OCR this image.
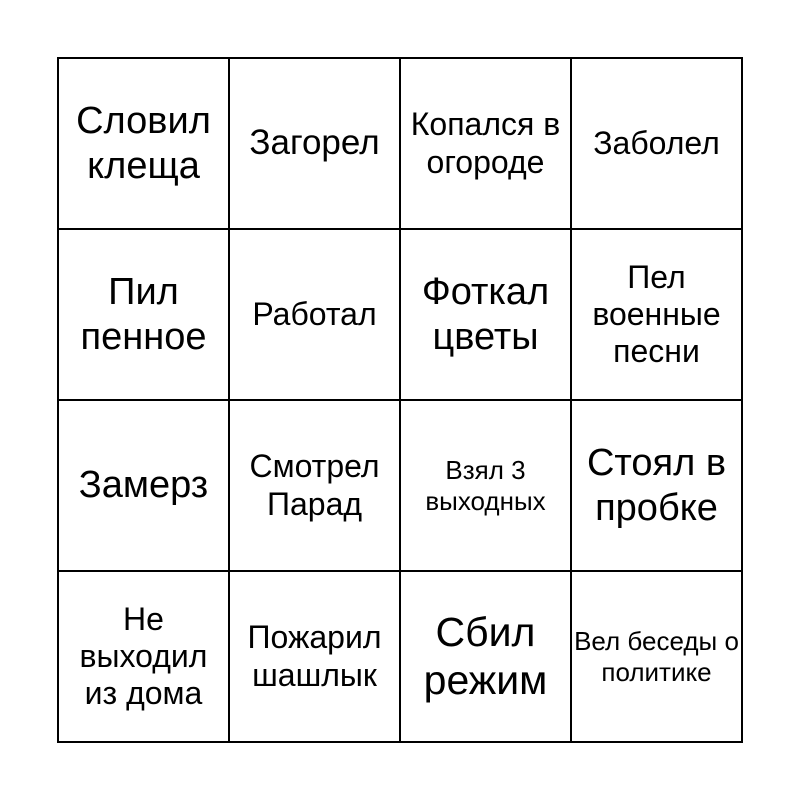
Словил клеща
Загорел Копался в огороде
Заболел
Пил пенное
Работал
Фоткал цветы
Пел военные песни
Замерз	Смотрел Парад
Взял 3 выходных
Стоял в пробке
Не выходил из дома
Пожарил шашлык
Сбил режим
Вел беседы о политике
